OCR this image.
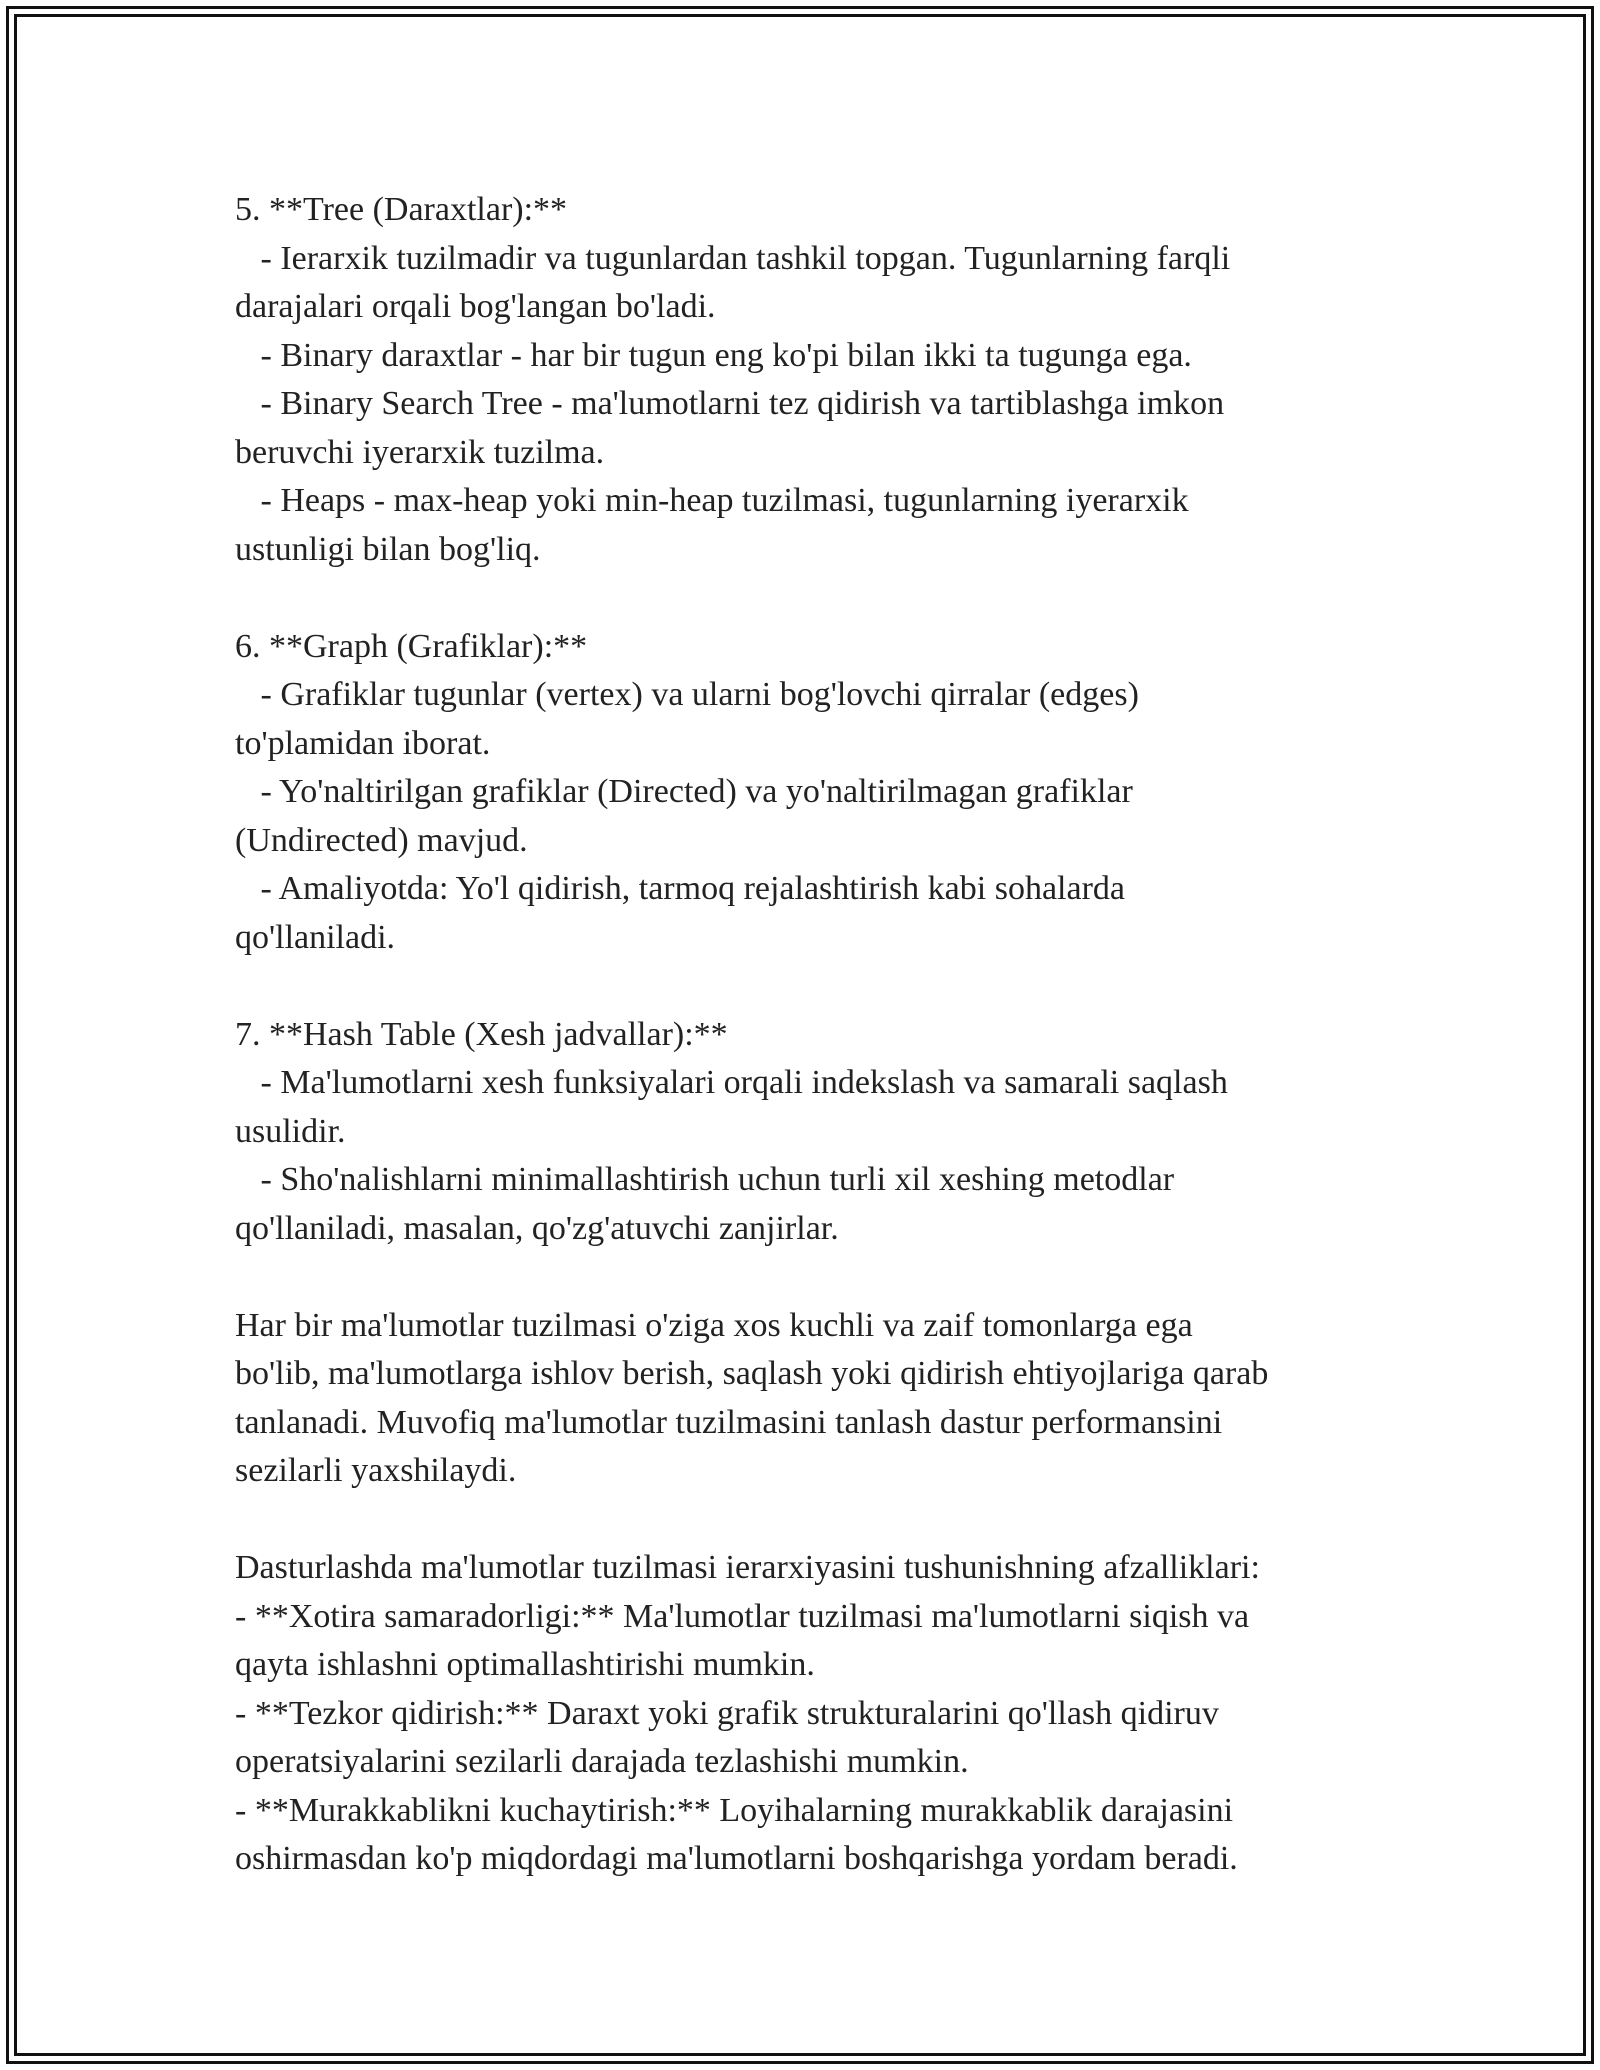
5. **Tree (Daraxtlar):**
- Ierarxik tuzilmadir va tugunlardan tashkil topgan. Tugunlarning farqli
darajalari orqali bog'langan bo'ladi.
- Binary daraxtlar - har bir tugun eng ko'pi bilan ikki ta tugunga ega.
- Binary Search Tree - ma'lumotlarni tez qidirish va tartiblashga imkon
beruvchi iyerarxik tuzilma.
- Heaps - max-heap yoki min-heap tuzilmasi, tugunlarning iyerarxik
ustunligi bilan bog'liq.
6. **Graph (Grafiklar):**
- Grafiklar tugunlar (vertex) va ularni bog'lovchi qirralar (edges)
to'plamidan iborat.
- Yo'naltirilgan grafiklar (Directed) va yo'naltirilmagan grafiklar
(Undirected) mavjud.
- Amaliyotda: Yo'l qidirish, tarmoq rejalashtirish kabi sohalarda
qo'llaniladi.
7. **Hash Table (Xesh jadvallar):**
- Ma'lumotlarni xesh funksiyalari orqali indekslash va samarali saqlash
usulidir.
- Sho'nalishlarni minimallashtirish uchun turli xil xeshing metodlar
qo'llaniladi, masalan, qo'zg'atuvchi zanjirlar.
Har bir ma'lumotlar tuzilmasi o'ziga xos kuchli va zaif tomonlarga ega
bo'lib, ma'lumotlarga ishlov berish, saqlash yoki qidirish ehtiyojlariga qarab
tanlanadi. Muvofiq ma'lumotlar tuzilmasini tanlash dastur performansini
sezilarli yaxshilaydi.
Dasturlashda ma'lumotlar tuzilmasi ierarxiyasini tushunishning afzalliklari:
- **Xotira samaradorligi:** Ma'lumotlar tuzilmasi ma'lumotlarni siqish va
qayta ishlashni optimallashtirishi mumkin.
- **Tezkor qidirish:** Daraxt yoki grafik strukturalarini qo'llash qidiruv
operatsiyalarini sezilarli darajada tezlashishi mumkin.
- **Murakkablikni kuchaytirish:** Loyihalarning murakkablik darajasini
oshirmasdan ko'p miqdordagi ma'lumotlarni boshqarishga yordam beradi.
